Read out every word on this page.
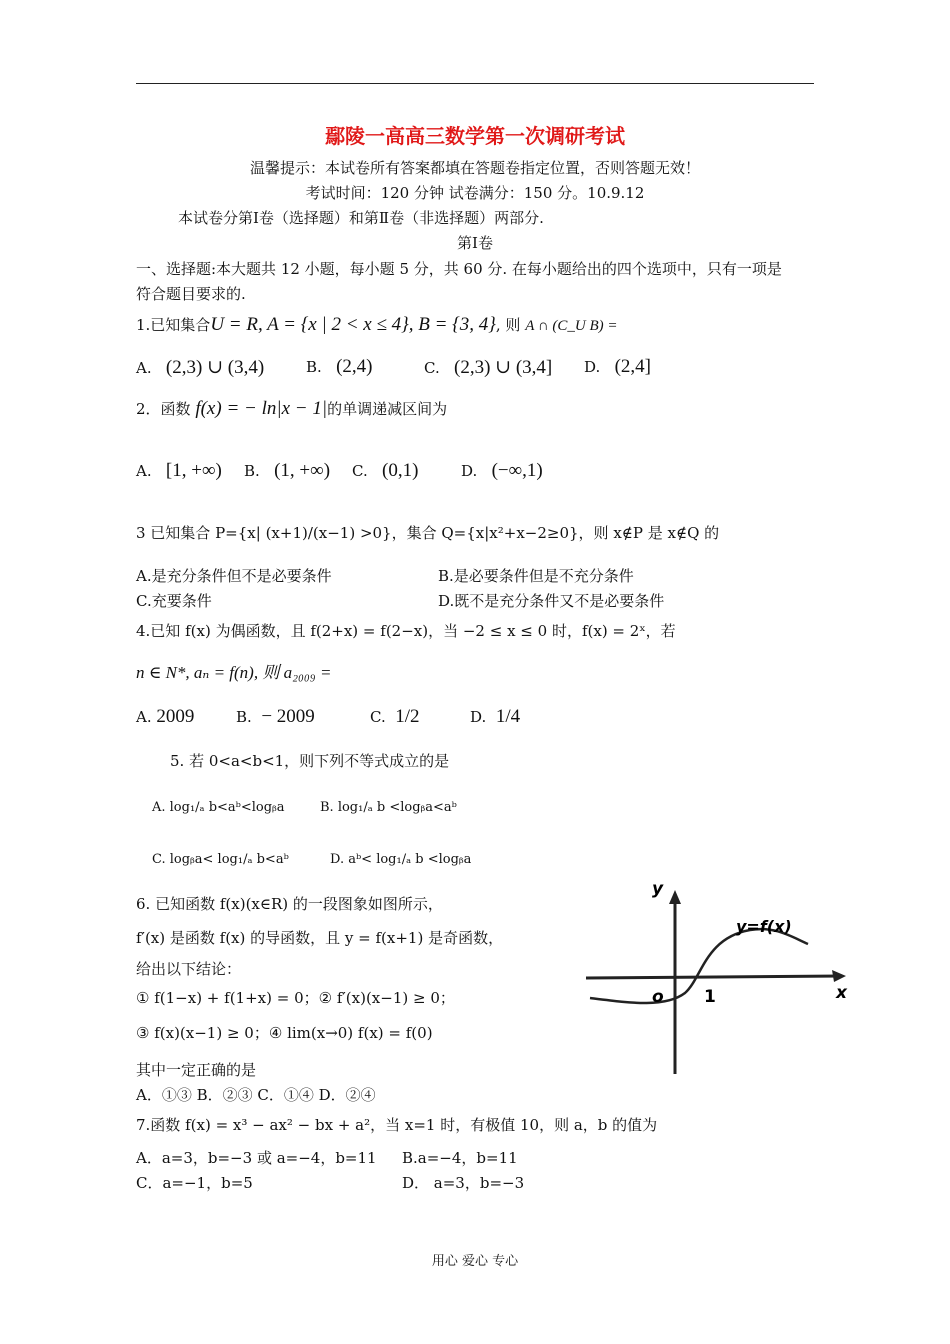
鄢陵一高高三数学第一次调研考试
温馨提示：本试卷所有答案都填在答题卷指定位置，否则答题无效！
考试时间：120 分钟 试卷满分：150 分。10.9.12
本试卷分第Ⅰ卷（选择题）和第Ⅱ卷（非选择题）两部分.
第Ⅰ卷
一、选择题:本大题共 12 小题，每小题 5 分，共 60 分. 在每小题给出的四个选项中，只有一项是
符合题目要求的.
1.已知集合U = R, A = {x | 2 < x ≤ 4}, B = {3, 4}, 则 A ∩ (C_U B) =
A. (2,3) ∪ (3,4)	B. (2,4)	C. (2,3) ∪ (3,4] D. (2,4]
2．函数 f(x) = − ln|x − 1|的单调递减区间为
A. [1, +∞) B. (1, +∞) C. (0,1)	D. (−∞,1)
3 已知集合 P={x| (x+1)/(x−1) >0}，集合 Q={x|x²+x−2≥0}，则 x∉P 是 x∉Q 的
A.是充分条件但不是必要条件	B.是必要条件但是不充分条件
C.充要条件	D.既不是充分条件又不是必要条件
4.已知 f(x) 为偶函数，且 f(2+x) = f(2−x)，当 −2 ≤ x ≤ 0 时，f(x) = 2ˣ，若
n ∈ N*, aₙ = f(n), 则 a₂₀₀₉ =
A. 2009	B. − 2009	C. 1/2	D. 1/4
5. 若 0<a<b<1，则下列不等式成立的是
A. log₁/ₐ b<aᵇ<logᵦa	B. log₁/ₐ b <logᵦa<aᵇ
C. logᵦa< log₁/ₐ b<aᵇ	D. aᵇ< log₁/ₐ b <logᵦa
6. 已知函数 f(x)(x∈R) 的一段图象如图所示，
f′(x) 是函数 f(x) 的导函数，且 y = f(x+1) 是奇函数，
给出以下结论：
① f(1−x) + f(1+x) = 0；② f′(x)(x−1) ≥ 0；
③ f(x)(x−1) ≥ 0；④ lim(x→0) f(x) = f(0)
其中一定正确的是
A．①③ B．②③ C．①④ D．②④
y
x
o 1
y=f(x)
7.函数 f(x) = x³ − ax² − bx + a²，当 x=1 时，有极值 10，则 a，b 的值为
A．a=3，b=−3 或 a=−4，b=11 B.a=−4，b=11
C．a=−1，b=5	D． a=3，b=−3
用心 爱心 专心
